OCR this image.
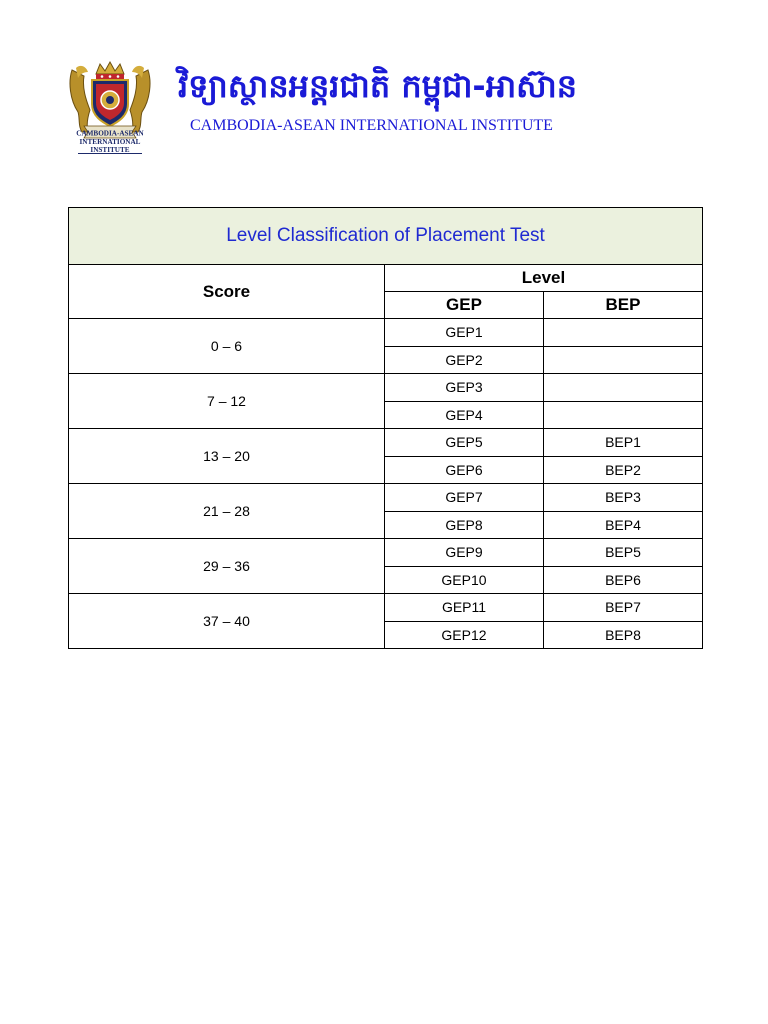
CAMBODIA-ASEAN
INTERNATIONAL
INSTITUTE
វិទ្យាស្ថានអន្តរជាតិ កម្ពុជា-អាស៊ាន
CAMBODIA-ASEAN INTERNATIONAL INSTITUTE
Level Classification of Placement Test		
Score	Level	
	GEP	BEP
0 – 6	GEP1	
	GEP2	
7 – 12	GEP3	
	GEP4	
13 – 20	GEP5	BEP1
	GEP6	BEP2
21 – 28	GEP7	BEP3
	GEP8	BEP4
29 – 36	GEP9	BEP5
	GEP10	BEP6
37 – 40	GEP11	BEP7
	GEP12	BEP8
